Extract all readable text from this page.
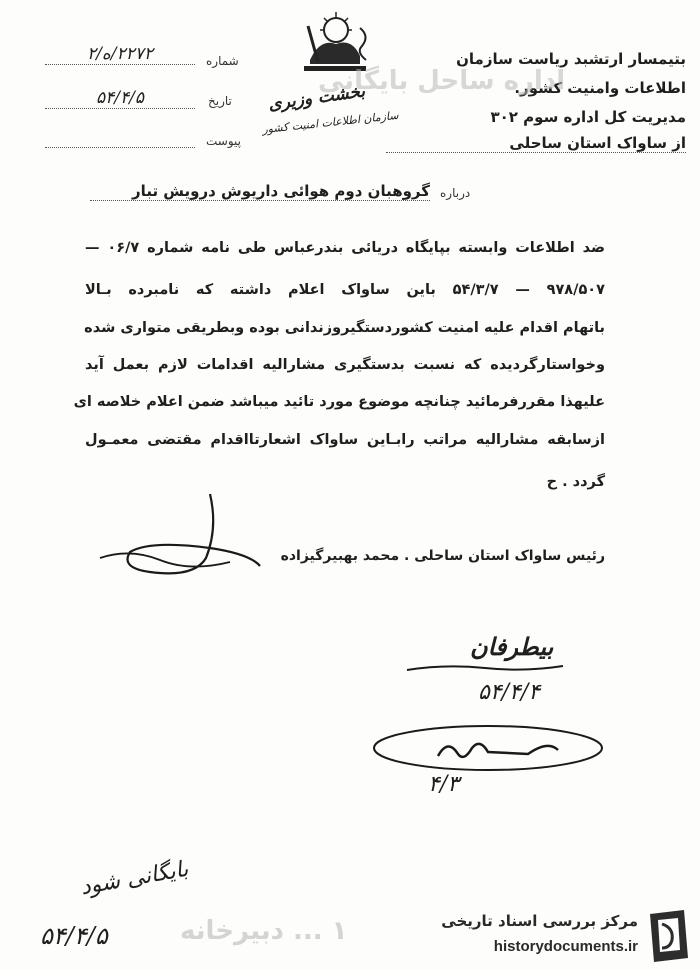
بتیمسار ارتشبد ریاست سازمان
اطلاعات وامنیت کشور.
مدیریت کل اداره سوم ۳۰۲
از ساواک استان ساحلی
بخشت وزیری
سازمان اطلاعات امنیت کشور
اداره ساحل بایگانی
شماره
۲۲۷۲/ه/۲
تاریخ
۵۴/۴/۵
پیوست
درباره
گروهبان دوم هوائی داریوش درویش تبار
ضد اطلاعات وابسته بپایگاه دریائی بندرعباس طی نامه شماره ۰۶/۷ —
۹۷۸/۵۰۷ — ۵۴/۳/۷ باین ساواک اعلام داشته که نامبرده بـالا
باتهام اقدام علیه امنیت کشوردستگیروزندانی بوده وبطریقی متواری شده
وخواستارگردیده که نسبت بدستگیری مشارالیه اقدامات لازم بعمل آید
علیهذا مقررفرمائید چنانچه موضوع مورد تائید میباشد ضمن اعلام خلاصه ای
ازسابقه مشارالیه مراتب رابـاین ساواک اشعارتااقدام مقتضی معمـول
گردد . ح
رئیس ساواک استان ساحلی . محمد بهبیرگیزاده
بیطرفان
۵۴/۴/۴
۴/۳
بایگانی شود
۵۴/۴/۵	۱ ... دبیرخانه	مرکز بررسی اسناد تاریخی
historydocuments.ir
